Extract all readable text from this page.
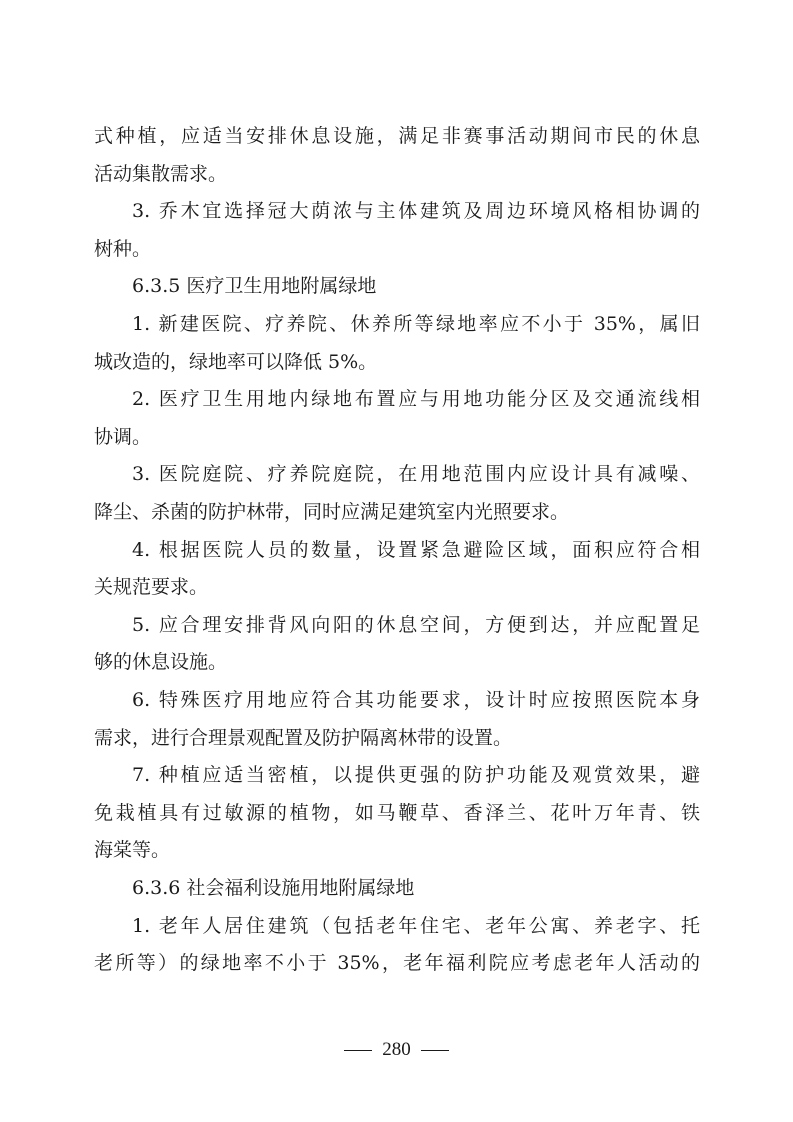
式种植，应适当安排休息设施，满足非赛事活动期间市民的休息
活动集散需求。
3. 乔木宜选择冠大荫浓与主体建筑及周边环境风格相协调的
树种。
6.3.5 医疗卫生用地附属绿地
1. 新建医院、疗养院、休养所等绿地率应不小于 35%，属旧
城改造的，绿地率可以降低 5%。
2. 医疗卫生用地内绿地布置应与用地功能分区及交通流线相
协调。
3. 医院庭院、疗养院庭院，在用地范围内应设计具有减噪、
降尘、杀菌的防护林带，同时应满足建筑室内光照要求。
4. 根据医院人员的数量，设置紧急避险区域，面积应符合相
关规范要求。
5. 应合理安排背风向阳的休息空间，方便到达，并应配置足
够的休息设施。
6. 特殊医疗用地应符合其功能要求，设计时应按照医院本身
需求，进行合理景观配置及防护隔离林带的设置。
7. 种植应适当密植，以提供更强的防护功能及观赏效果，避
免栽植具有过敏源的植物，如马鞭草、香泽兰、花叶万年青、铁
海棠等。
6.3.6 社会福利设施用地附属绿地
1. 老年人居住建筑（包括老年住宅、老年公寓、养老字、托
老所等）的绿地率不小于 35%，老年福利院应考虑老年人活动的
280
